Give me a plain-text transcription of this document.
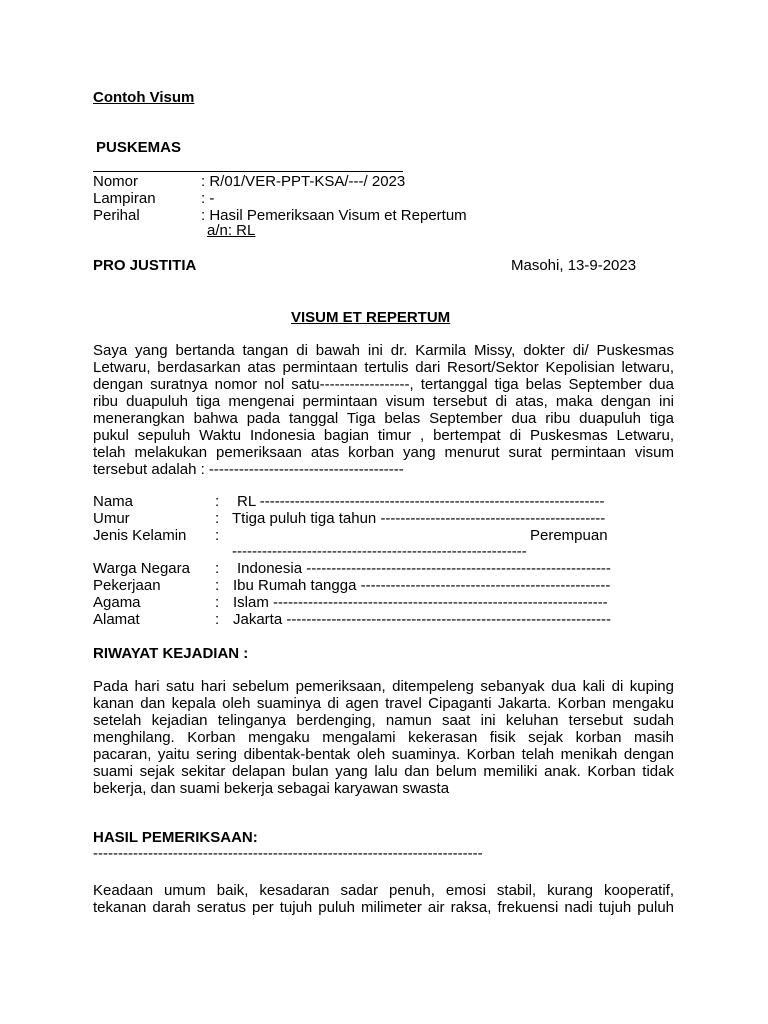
Contoh Visum
PUSKEMAS
Nomor	: R/01/VER-PPT-KSA/---/ 2023
Lampiran	: -
Perihal	: Hasil Pemeriksaan Visum et Repertum
a/n: RL
PRO JUSTITIA	Masohi, 13-9-2023
VISUM ET REPERTUM
Saya yang bertanda tangan di bawah ini dr. Karmila Missy, dokter di/ Puskesmas
Letwaru, berdasarkan atas permintaan tertulis dari Resort/Sektor Kepolisian letwaru,
dengan suratnya nomor nol satu------------------, tertanggal tiga belas September dua
ribu duapuluh tiga mengenai permintaan visum tersebut di atas, maka dengan ini
menerangkan bahwa pada tanggal Tiga belas September dua ribu duapuluh tiga
pukul sepuluh Waktu Indonesia bagian timur , bertempat di Puskesmas Letwaru,
telah melakukan pemeriksaan atas korban yang menurut surat permintaan visum
tersebut adalah : ---------------------------------------
Nama	: RL ---------------------------------------------------------------------
Umur	: Ttiga puluh tiga tahun ---------------------------------------------
Jenis Kelamin :	Perempuan
-----------------------------------------------------------
Warga Negara : Indonesia -------------------------------------------------------------
Pekerjaan	: Ibu Rumah tangga --------------------------------------------------
Agama	: Islam -------------------------------------------------------------------
Alamat	: Jakarta -----------------------------------------------------------------
RIWAYAT KEJADIAN :
Pada hari satu hari sebelum pemeriksaan, ditempeleng sebanyak dua kali di kuping
kanan dan kepala oleh suaminya di agen travel Cipaganti Jakarta. Korban mengaku
setelah kejadian telinganya berdenging, namun saat ini keluhan tersebut sudah
menghilang. Korban mengaku mengalami kekerasan fisik sejak korban masih
pacaran, yaitu sering dibentak-bentak oleh suaminya. Korban telah menikah dengan
suami sejak sekitar delapan bulan yang lalu dan belum memiliki anak. Korban tidak
bekerja, dan suami bekerja sebagai karyawan swasta
HASIL PEMERIKSAAN:
------------------------------------------------------------------------------
Keadaan umum baik, kesadaran sadar penuh, emosi stabil, kurang kooperatif,
tekanan darah seratus per tujuh puluh milimeter air raksa, frekuensi nadi tujuh puluh
